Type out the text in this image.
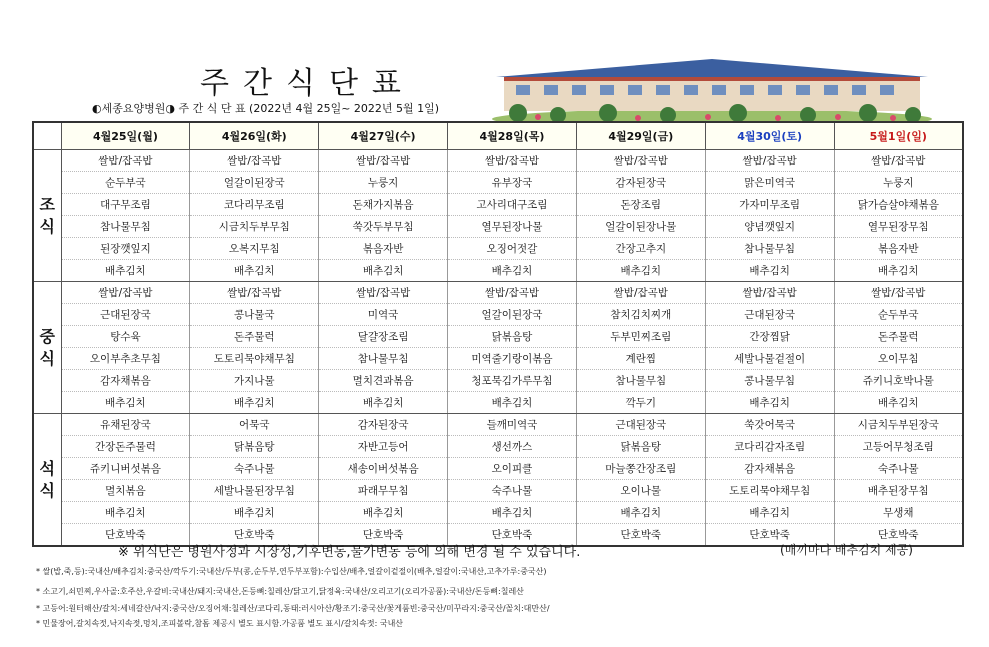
주간식단표
◐세종요양병원◑ 주 간 식 단 표 (2022년 4월 25일~ 2022년 5월 1일)
	4월25일(월)	4월26일(화)	4월27일(수)	4월28일(목)	4월29일(금)	4월30일(토)	5월1일(일)
조식	쌀밥/잡곡밥	쌀밥/잡곡밥	쌀밥/잡곡밥	쌀밥/잡곡밥	쌀밥/잡곡밥	쌀밥/잡곡밥	쌀밥/잡곡밥
	순두부국	얼갈이된장국	누룽지	유부장국	감자된장국	맑은미역국	누룽지
	대구무조림	코다리무조림	돈채가지볶음	고사리대구조림	돈장조림	가자미무조림	닭가슴살야채볶음
	참나물무침	시금치두부무침	쑥갓두부무침	열무된장나물	얼갈이된장나물	양념깻잎지	열무된장무침
	된장깻잎지	오복지무침	볶음자반	오징어젓갈	간장고추지	참나물무침	볶음자반
	배추김치	배추김치	배추김치	배추김치	배추김치	배추김치	배추김치
중식	쌀밥/잡곡밥	쌀밥/잡곡밥	쌀밥/잡곡밥	쌀밥/잡곡밥	쌀밥/잡곡밥	쌀밥/잡곡밥	쌀밥/잡곡밥
	근대된장국	콩나물국	미역국	얼갈이된장국	참치김치찌개	근대된장국	순두부국
	탕수육	돈주물럭	달걀장조림	닭볶음탕	두부민찌조림	간장찜닭	돈주물럭
	오이부추초무침	도토리묵야채무침	참나물무침	미역줄기랑이볶음	계란찜	세발나물겉절이	오이무침
	감자채볶음	가지나물	멸치견과볶음	청포묵김가루무침	참나물무침	콩나물무침	쥬키니호박나물
	배추김치	배추김치	배추김치	배추김치	깍두기	배추김치	배추김치
석식	유채된장국	어묵국	감자된장국	들깨미역국	근대된장국	쑥갓어묵국	시금치두부된장국
	간장돈주물럭	닭볶음탕	자반고등어	생선까스	닭볶음탕	코다리감자조림	고등어무청조림
	쥬키니버섯볶음	숙주나물	새송이버섯볶음	오이피클	마늘쫑간장조림	감자채볶음	숙주나물
	멸치볶음	세발나물된장무침	파래무무침	숙주나물	오이나물	도토리묵야채무침	배추된장무침
	배추김치	배추김치	배추김치	배추김치	배추김치	배추김치	무생채
	단호박죽	단호박죽	단호박죽	단호박죽	단호박죽	단호박죽	단호박죽
※ 위식단은 병원사정과 시장성,기후변동,물가변동 등에 의해 변경 될 수 있습니다.	(매끼마다 배추김치 제공)
* 쌀(밥,죽,등):국내산/배추김치:중국산/깍두기:국내산/두부(콩,순두부,연두부포함):수입산/배추,얼갈이겉절이(배추,얼갈이:국내산,고추가루:중국산)
* 소고기,쇠민찌,우사골:호주산,우갈비:국내산/돼지:국내산,돈등뼈:칠레산/닭고기,닭정육:국내산/오리고기(오리가공품):국내산/돈등뼈:칠레산
* 고등어:원터해산/갈치:세네갈산/낙지:중국산/오징어채:칠레산/코다리,동태:러시아산/황조기:중국산/꽃게품빈:중국산/미꾸라지:중국산/꼴치:대만산/
* 민물장어,갈치속젓,낙지속젓,멍치,조피볼락,참돔 제공시 별도 표시함.가공품 별도 표시/갈치속젓: 국내산
